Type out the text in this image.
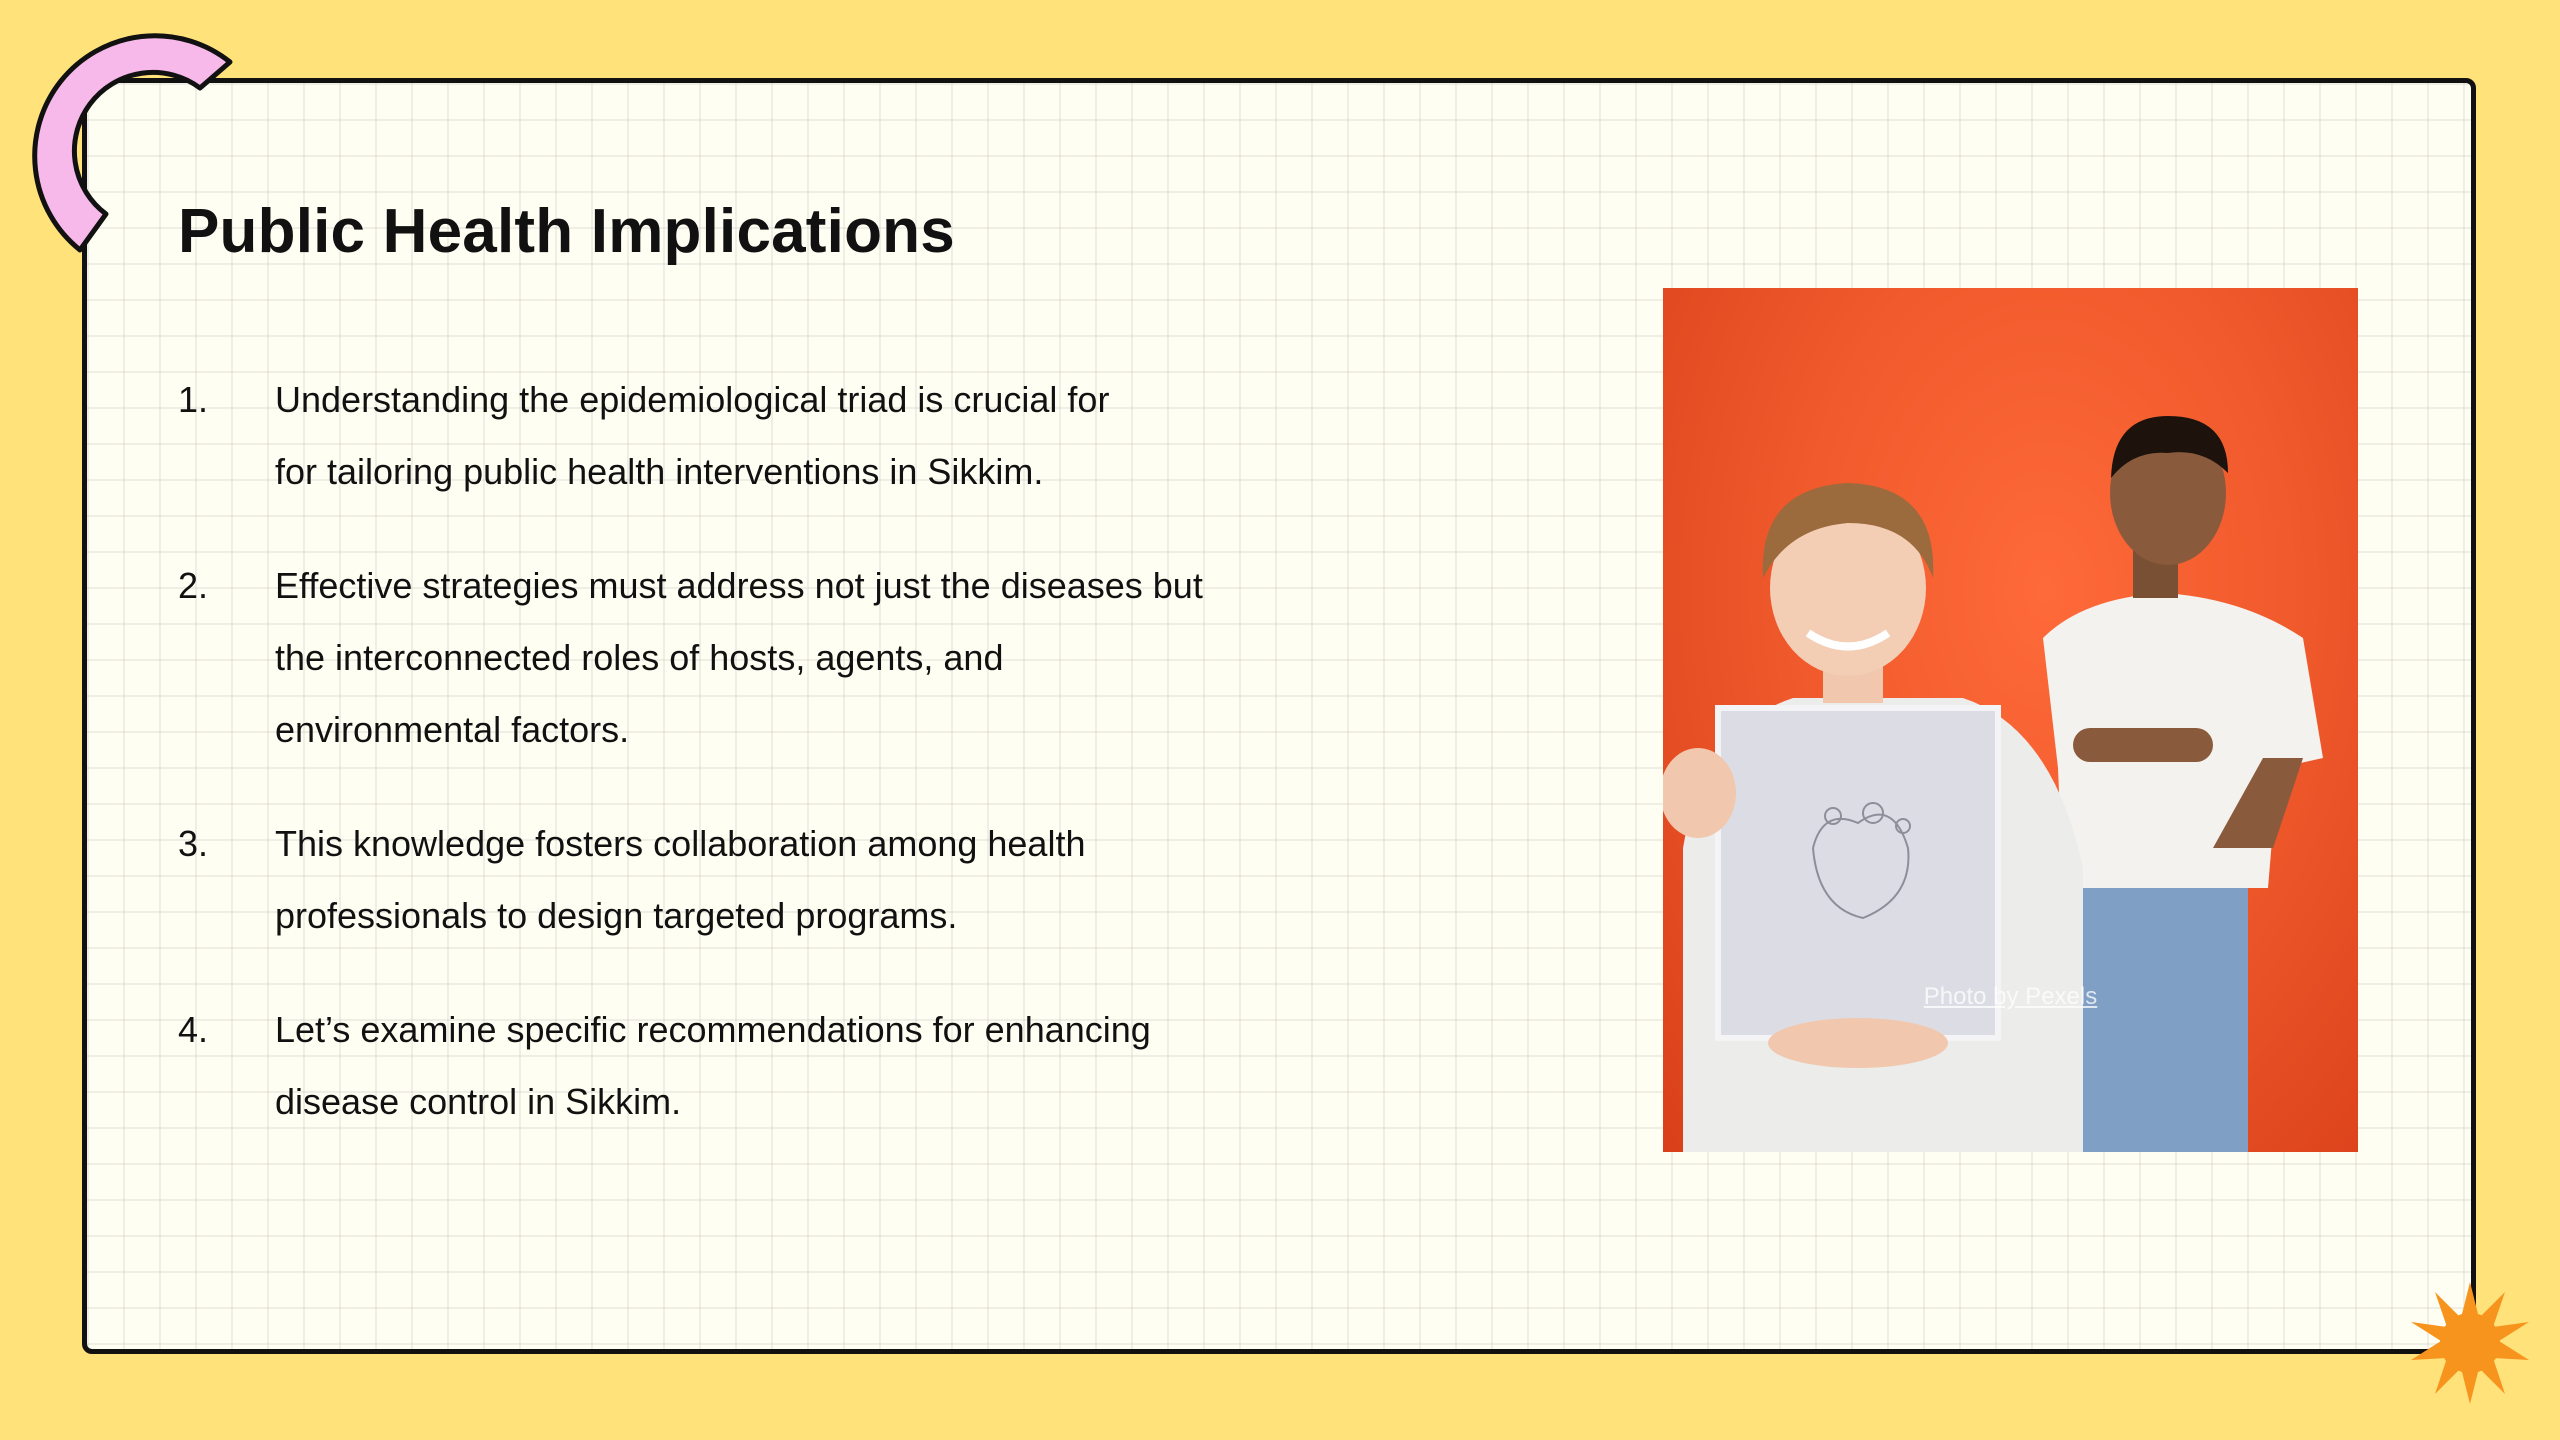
Public Health Implications
1.	Understanding the epidemiological triad is crucial for
for tailoring public health interventions in Sikkim.
2.	Effective strategies must address not just the diseases but
the interconnected roles of hosts, agents, and
environmental factors.
3.	This knowledge fosters collaboration among health
professionals to design targeted programs.
4.	Let’s examine specific recommendations for enhancing
disease control in Sikkim.
Photo by Pexels
